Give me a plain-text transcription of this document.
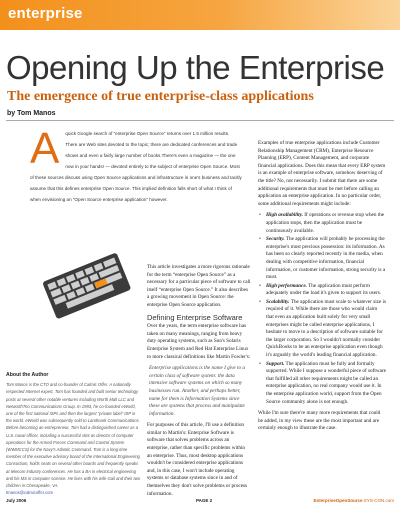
enterprise
Opening Up the Enterprise
The emergence of true enterprise-class applications
by Tom Manos
A	quick Google search of “enterprise Open Source” returns over 1.5 million results. There are Web sites devoted to the topic; there are dedicated conferences and trade shows and even a fairly large number of books.There's even a magazine — the one now in your hands! — devoted entirely to the subject of enterprise Open Source. Most of these sources discuss using Open Source applications and infrastructure in one's business and tacitly assume that this defines enterprise Open Source. This implied definition falls short of what I think of when envisioning an “Open Source enterprise application” however.

This article investigates a more rigorous rationale for the term “enterprise Open Source” as a necessary for a particular piece of software to call itself “enterprise Open Source.” It also describes a growing movement in Open Source: the enterprise Open Source application.

Defining Enterprise Software

Over the years, the term enterprise software has taken on many meanings, ranging from heavy duty operating systems, such as Sun's Solaris Enterprise System and Red Hat Enterprise Linux to more classical definitions like Martin Fowler's:

Enterprise applications is the name I give to a certain class of software system: the data intensive software systems on which so many businesses run. Another, and perhaps better, name for them is Information Systems since these are systems that process and manipulate information.

For purposes of this article, I'll use a definition similar to Martin's: Enterprise Software is software that solves problems across an enterprise, rather than specific problems within an enterprise. Thus, most desktop applications wouldn't be considered enterprise applications and, in this case, I won't include operating systems or database systems since in and of themselves they don't solve problems or process information.

Examples of true enterprise applications include Customer Relationship Management (CRM), Enterprise Resource Planning (ERP), Content Management, and corporate financial applications. Does this mean that every ERP system is an example of enterprise software, somehow deserving of the title? No, not necessarily. I submit that there are some additional requirements that must be met before calling an application an enterprise application. In no particular order, some additional requirements might include:

• High availability. If operations or revenue stop when the application stops, then the application must be continuously available.
• Security. The application will probably be processing the enterprise's most precious possession: its information. As has been so clearly reported recently in the media, when dealing with competitive information, financial information, or customer information, strong security is a must.
• High performance. The application must perform adequately under the load it's given to support its users.
• Scalability. The application must scale to whatever size is required of it. While there are those who would claim that even an application built solely for very small enterprises might be called enterprise applications, I hesitate to move to a description of software suitable for the larger corporation. So I wouldn't normally consider QuickBooks to be an enterprise application even though it's arguably the world's leading financial application.
• Support. The application must be fully and formally supported. While I suppose a wonderful piece of software that fulfilled all other requirements might be called an enterprise application, no real company would use it. In the enterprise application world, support from the Open Source community alone is not enough.

While I'm sure there're many more requirements that could be added, in my view these are the most important and are certainly enough to illustrate the case.

About the Author
Tom Manos is the CTO and co-founder of Calmic Offer. A nationally respected Internet expert, Tom has founded and built senior technology posts at several other notable ventures including Worth Mall LLC and NetworthTrio Communications Group. In 1993, he co-founded eWorld, one of the first national ISPs and then the largest “private label” ISP in the world. eWorld was subsequently sold to Landmark Communications. Before becoming an entrepreneur, Tom had a distinguished career as a U.S. naval officer, including a successful stint as director of computer operations for the Armed Forces Command and Control System (WWMCCS) for the Navy's Atlantic Command. Tom is a long-time member of the executive advisory board of the International Engineering Consortium, holds seats on several other boards and frequently speaks at telecom industry conferences. He has a BA in electrical engineering and his MS in computer science. He lives with his wife Gail and their two children in Chesapeake, VA.
tmanos@calmicoffer.com
July 2006	PAGE 2	EnterpriseOpenSource.SYS-CON.com
